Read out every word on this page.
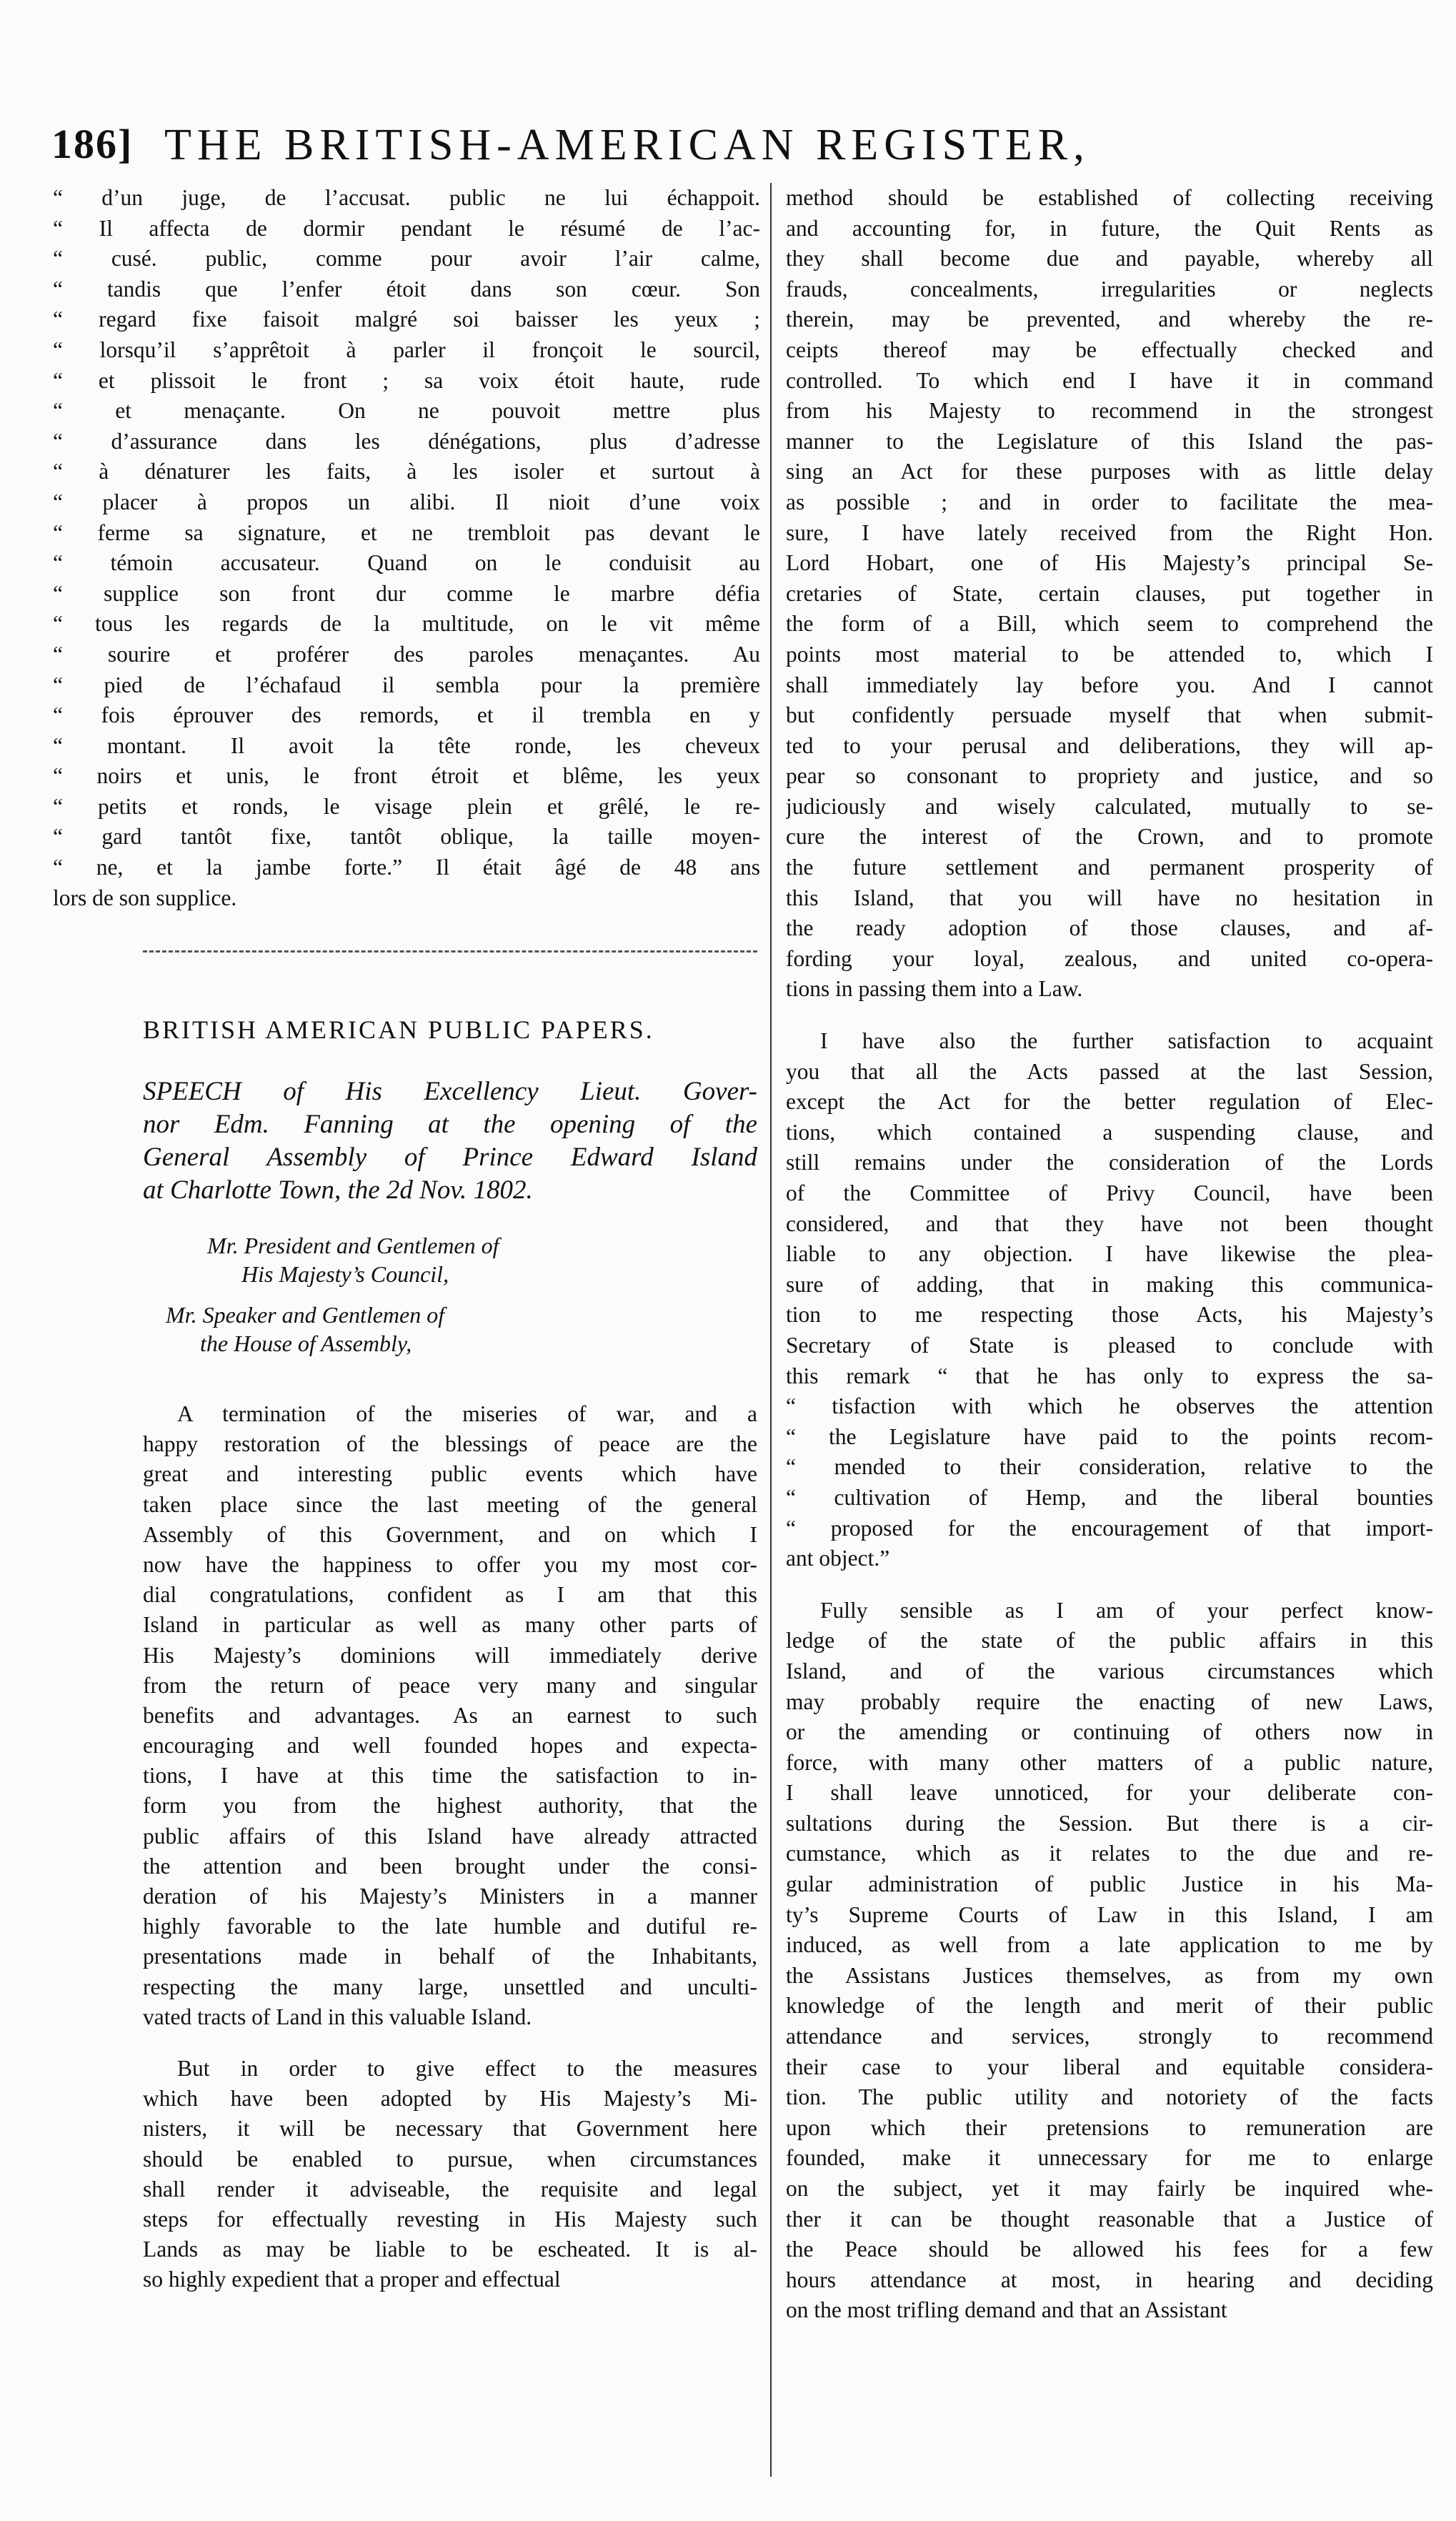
186] THE BRITISH-AMERICAN REGISTER,
“ d’un juge, de l’accusat. public ne lui échappoit.
“ Il affecta de dormir pendant le résumé de l’ac-
“ cusé. public, comme pour avoir l’air calme,
“ tandis que l’enfer étoit dans son cœur. Son
“ regard fixe faisoit malgré soi baisser les yeux ;
“ lorsqu’il s’apprêtoit à parler il fronçoit le sourcil,
“ et plissoit le front ; sa voix étoit haute, rude
“ et menaçante. On ne pouvoit mettre plus
“ d’assurance dans les dénégations, plus d’adresse
“ à dénaturer les faits, à les isoler et surtout à
“ placer à propos un alibi. Il nioit d’une voix
“ ferme sa signature, et ne trembloit pas devant le
“ témoin accusateur. Quand on le conduisit au
“ supplice son front dur comme le marbre défia
“ tous les regards de la multitude, on le vit même
“ sourire et proférer des paroles menaçantes. Au
“ pied de l’échafaud il sembla pour la première
“ fois éprouver des remords, et il trembla en y
“ montant. Il avoit la tête ronde, les cheveux
“ noirs et unis, le front étroit et blême, les yeux
“ petits et ronds, le visage plein et grêlé, le re-
“ gard tantôt fixe, tantôt oblique, la taille moyen-
“ ne, et la jambe forte.” Il était âgé de 48 ans
lors de son supplice.
BRITISH AMERICAN PUBLIC PAPERS.
SPEECH of His Excellency Lieut. Gover-
nor Edm. Fanning at the opening of the
General Assembly of Prince Edward Island
at Charlotte Town, the 2d Nov. 1802.
Mr. President and Gentlemen of
His Majesty’s Council,
Mr. Speaker and Gentlemen of
the House of Assembly,
A termination of the miseries of war, and a
happy restoration of the blessings of peace are the
great and interesting public events which have
taken place since the last meeting of the general
Assembly of this Government, and on which I
now have the happiness to offer you my most cor-
dial congratulations, confident as I am that this
Island in particular as well as many other parts of
His Majesty’s dominions will immediately derive
from the return of peace very many and singular
benefits and advantages. As an earnest to such
encouraging and well founded hopes and expecta-
tions, I have at this time the satisfaction to in-
form you from the highest authority, that the
public affairs of this Island have already attracted
the attention and been brought under the consi-
deration of his Majesty’s Ministers in a manner
highly favorable to the late humble and dutiful re-
presentations made in behalf of the Inhabitants,
respecting the many large, unsettled and unculti-
vated tracts of Land in this valuable Island.
But in order to give effect to the measures
which have been adopted by His Majesty’s Mi-
nisters, it will be necessary that Government here
should be enabled to pursue, when circumstances
shall render it adviseable, the requisite and legal
steps for effectually revesting in His Majesty such
Lands as may be liable to be escheated. It is al-
so highly expedient that a proper and effectual
method should be established of collecting receiving
and accounting for, in future, the Quit Rents as
they shall become due and payable, whereby all
frauds, concealments, irregularities or neglects
therein, may be prevented, and whereby the re-
ceipts thereof may be effectually checked and
controlled. To which end I have it in command
from his Majesty to recommend in the strongest
manner to the Legislature of this Island the pas-
sing an Act for these purposes with as little delay
as possible ; and in order to facilitate the mea-
sure, I have lately received from the Right Hon.
Lord Hobart, one of His Majesty’s principal Se-
cretaries of State, certain clauses, put together in
the form of a Bill, which seem to comprehend the
points most material to be attended to, which I
shall immediately lay before you. And I cannot
but confidently persuade myself that when submit-
ted to your perusal and deliberations, they will ap-
pear so consonant to propriety and justice, and so
judiciously and wisely calculated, mutually to se-
cure the interest of the Crown, and to promote
the future settlement and permanent prosperity of
this Island, that you will have no hesitation in
the ready adoption of those clauses, and af-
fording your loyal, zealous, and united co-opera-
tions in passing them into a Law.
I have also the further satisfaction to acquaint
you that all the Acts passed at the last Session,
except the Act for the better regulation of Elec-
tions, which contained a suspending clause, and
still remains under the consideration of the Lords
of the Committee of Privy Council, have been
considered, and that they have not been thought
liable to any objection. I have likewise the plea-
sure of adding, that in making this communica-
tion to me respecting those Acts, his Majesty’s
Secretary of State is pleased to conclude with
this remark “ that he has only to express the sa-
“ tisfaction with which he observes the attention
“ the Legislature have paid to the points recom-
“ mended to their consideration, relative to the
“ cultivation of Hemp, and the liberal bounties
“ proposed for the encouragement of that import-
ant object.”
Fully sensible as I am of your perfect know-
ledge of the state of the public affairs in this
Island, and of the various circumstances which
may probably require the enacting of new Laws,
or the amending or continuing of others now in
force, with many other matters of a public nature,
I shall leave unnoticed, for your deliberate con-
sultations during the Session. But there is a cir-
cumstance, which as it relates to the due and re-
gular administration of public Justice in his Ma-
ty’s Supreme Courts of Law in this Island, I am
induced, as well from a late application to me by
the Assistans Justices themselves, as from my own
knowledge of the length and merit of their public
attendance and services, strongly to recommend
their case to your liberal and equitable considera-
tion. The public utility and notoriety of the facts
upon which their pretensions to remuneration are
founded, make it unnecessary for me to enlarge
on the subject, yet it may fairly be inquired whe-
ther it can be thought reasonable that a Justice of
the Peace should be allowed his fees for a few
hours attendance at most, in hearing and deciding
on the most trifling demand and that an Assistant
